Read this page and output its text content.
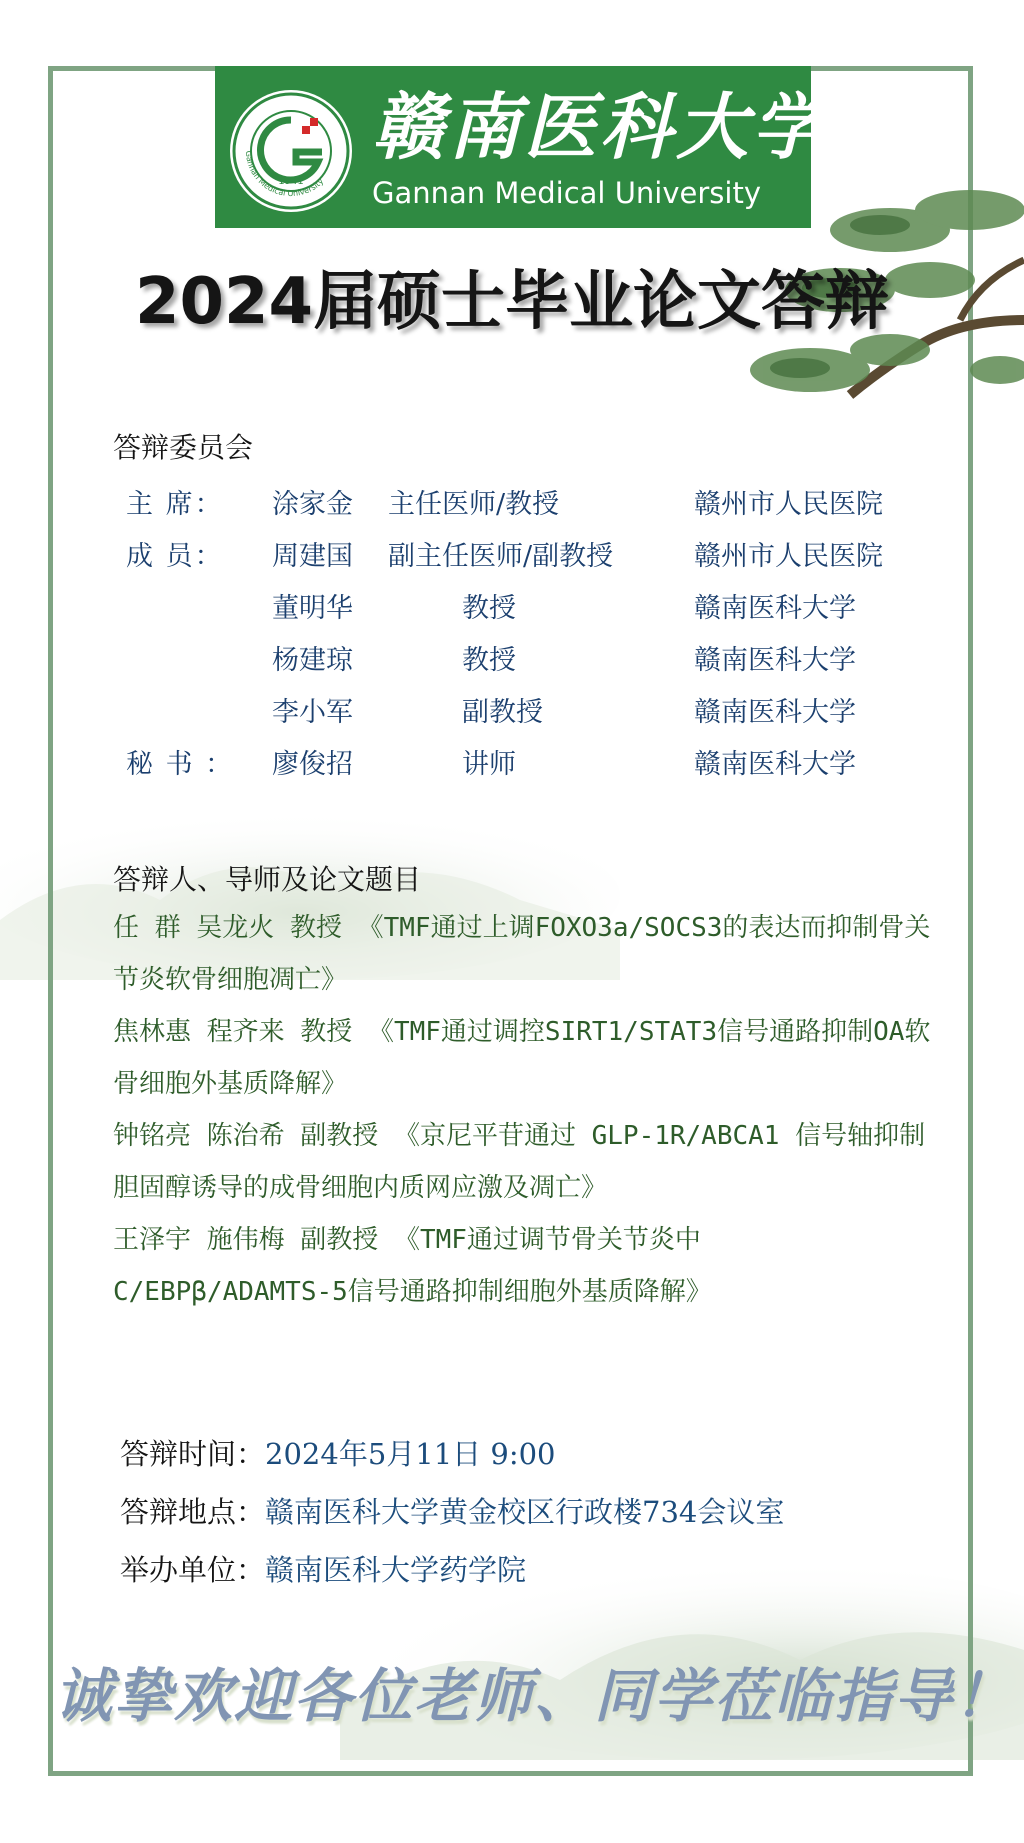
Gannan Medical University
1941
赣南医科大学
Gannan Medical University
2024届硕士毕业论文答辩
答辩委员会
主 席： 涂家金 主任医师/教授	赣州市人民医院
成 员： 周建国 副主任医师/副教授	赣州市人民医院
董明华	教授	赣南医科大学
杨建琼	教授	赣南医科大学
李小军	副教授	赣南医科大学
秘 书 ： 廖俊招	讲师	赣南医科大学
答辩人、导师及论文题目
任 群 吴龙火 教授 《TMF通过上调FOXO3a/SOCS3的表达而抑制骨关节炎软骨细胞凋亡》
焦林惠 程齐来 教授 《TMF通过调控SIRT1/STAT3信号通路抑制OA软骨细胞外基质降解》
钟铭亮 陈治希 副教授 《京尼平苷通过 GLP-1R/ABCA1 信号轴抑制胆固醇诱导的成骨细胞内质网应激及凋亡》
王泽宇 施伟梅 副教授 《TMF通过调节骨关节炎中 C/EBPβ/ADAMTS-5信号通路抑制细胞外基质降解》
答辩时间：2024年5月11日 9:00
答辩地点：赣南医科大学黄金校区行政楼734会议室
举办单位：赣南医科大学药学院
诚挚欢迎各位老师、同学莅临指导！
